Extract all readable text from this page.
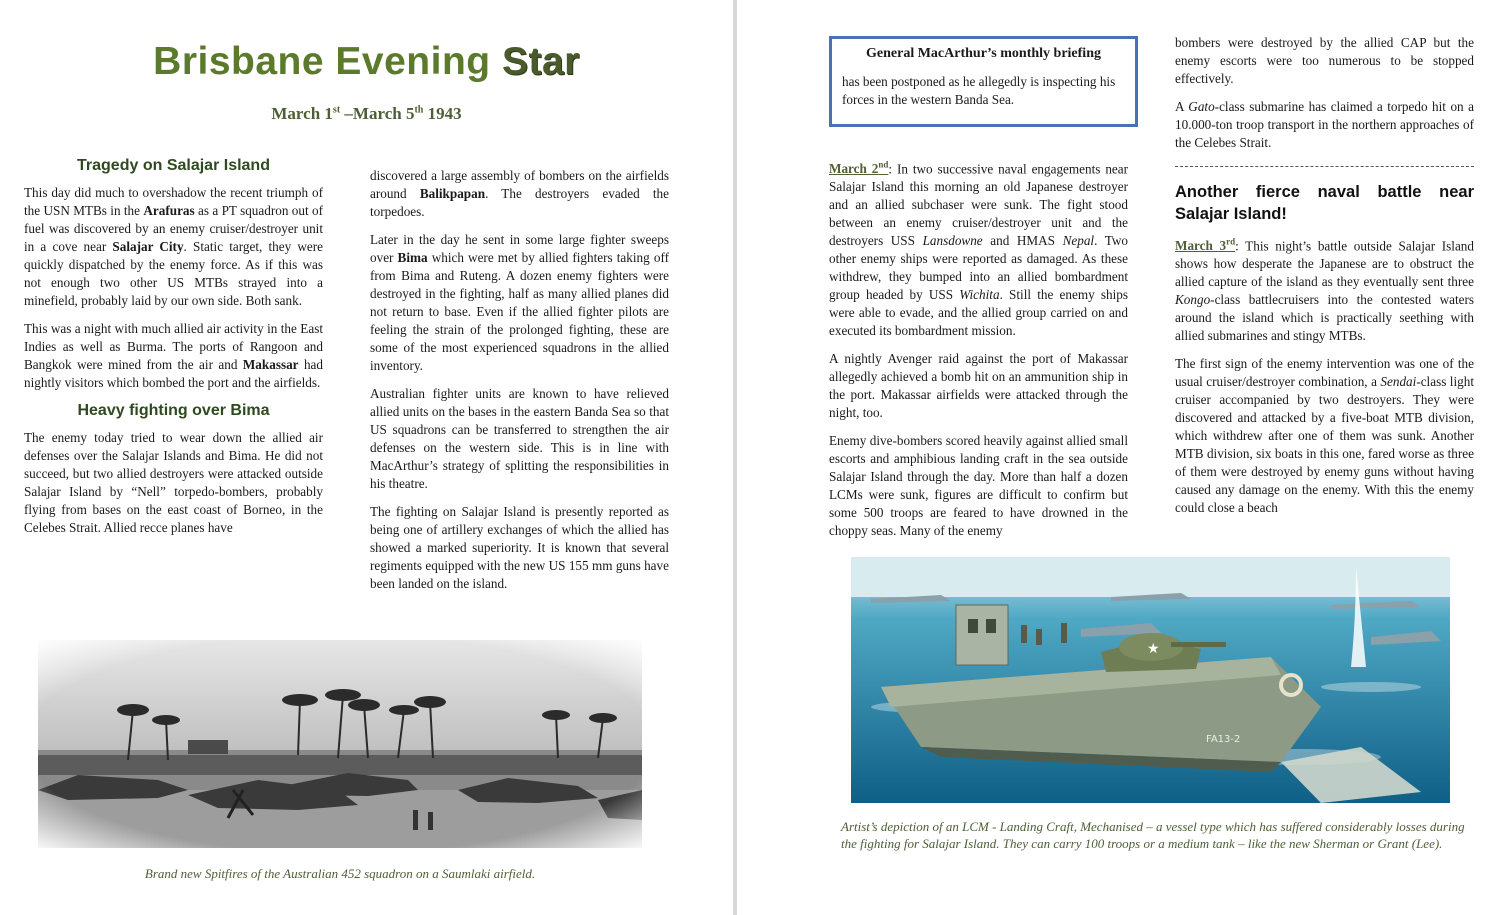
Brisbane Evening Star
March 1st –March 5th 1943
Tragedy on Salajar Island

This day did much to overshadow the recent triumph of the USN MTBs in the Arafuras as a PT squadron out of fuel was discovered by an enemy cruiser/destroyer unit in a cove near Salajar City. Static target, they were quickly dispatched by the enemy force. As if this was not enough two other US MTBs strayed into a minefield, probably laid by our own side. Both sank.

This was a night with much allied air activity in the East Indies as well as Burma. The ports of Rangoon and Bangkok were mined from the air and Makassar had nightly visitors which bombed the port and the airfields.

Heavy fighting over Bima

The enemy today tried to wear down the allied air defenses over the Salajar Islands and Bima. He did not succeed, but two allied destroyers were attacked outside Salajar Island by “Nell” torpedo-bombers, probably flying from bases on the east coast of Borneo, in the Celebes Strait. Allied recce planes have

discovered a large assembly of bombers on the airfields around Balikpapan. The destroyers evaded the torpedoes.

Later in the day he sent in some large fighter sweeps over Bima which were met by allied fighters taking off from Bima and Ruteng. A dozen enemy fighters were destroyed in the fighting, half as many allied planes did not return to base. Even if the allied fighter pilots are feeling the strain of the prolonged fighting, these are some of the most experienced squadrons in the allied inventory.

Australian fighter units are known to have relieved allied units on the bases in the eastern Banda Sea so that US squadrons can be transferred to strengthen the air defenses on the western side. This is in line with MacArthur’s strategy of splitting the responsibilities in his theatre.

The fighting on Salajar Island is presently reported as being one of artillery exchanges of which the allied has showed a marked superiority. It is known that several regiments equipped with the new US 155 mm guns have been landed on the island.

Brand new Spitfires of the Australian 452 squadron on a Saumlaki airfield.
General MacArthur’s monthly briefing
has been postponed as he allegedly is inspecting his forces in the western Banda Sea.

March 2nd: In two successive naval engagements near Salajar Island this morning an old Japanese destroyer and an allied subchaser were sunk. The fight stood between an enemy cruiser/destroyer unit and the destroyers USS Lansdowne and HMAS Nepal. Two other enemy ships were reported as damaged. As these withdrew, they bumped into an allied bombardment group headed by USS Wichita. Still the enemy ships were able to evade, and the allied group carried on and executed its bombardment mission.

A nightly Avenger raid against the port of Makassar allegedly achieved a bomb hit on an ammunition ship in the port. Makassar airfields were attacked through the night, too.

Enemy dive-bombers scored heavily against allied small escorts and amphibious landing craft in the sea outside Salajar Island through the day. More than half a dozen LCMs were sunk, figures are difficult to confirm but some 500 troops are feared to have drowned in the choppy seas. Many of the enemy

bombers were destroyed by the allied CAP but the enemy escorts were too numerous to be stopped effectively.

A Gato-class submarine has claimed a torpedo hit on a 10.000-ton troop transport in the northern approaches of the Celebes Strait.

Another fierce naval battle near Salajar Island!

March 3rd: This night’s battle outside Salajar Island shows how desperate the Japanese are to obstruct the allied capture of the island as they eventually sent three Kongo-class battlecruisers into the contested waters around the island which is practically seething with allied submarines and stingy MTBs.

The first sign of the enemy intervention was one of the usual cruiser/destroyer combination, a Sendai-class light cruiser accompanied by two destroyers. They were discovered and attacked by a five-boat MTB division, which withdrew after one of them was sunk. Another MTB division, six boats in this one, fared worse as three of them were destroyed by enemy guns without having caused any damage on the enemy. With this the enemy could close a beach

★
FA13-2
Artist’s depiction of an LCM - Landing Craft, Mechanised – a vessel type which has suffered considerably losses during the fighting for Salajar Island. They can carry 100 troops or a medium tank – like the new Sherman or Grant (Lee).
